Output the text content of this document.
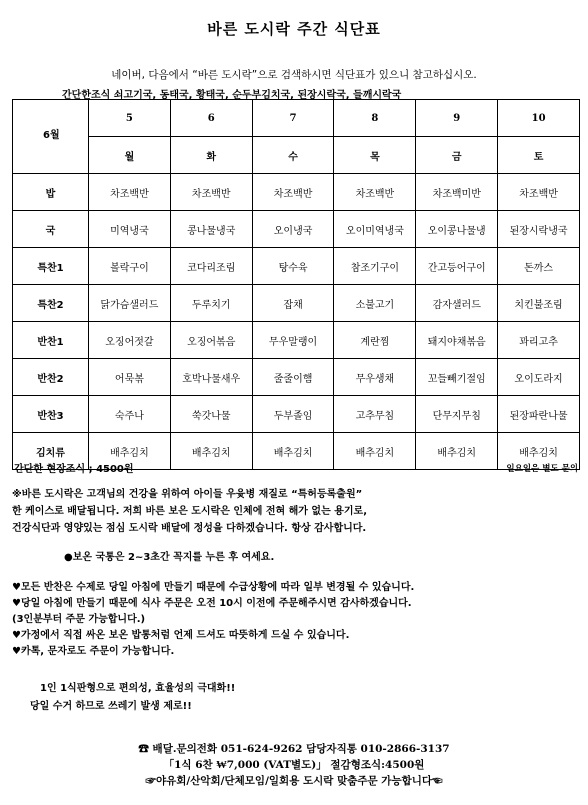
바른 도시락 주간 식단표
네이버, 다음에서 “바른 도시락”으로 검색하시면 식단표가 있으니 참고하십시오.
간단한조식 쇠고기국, 동태국, 황태국, 순두부김치국, 된장시락국, 들깨시락국
6월	5	6	7	8	9	10
	월	화	수	목	금	토
밥	차조백반	차조백반	차조백반	차조백반	차조백미반	차조백반
국	미역냉국	콩나물냉국	오이냉국	오이미역냉국	오이콩나물냉	된장시락냉국
특찬1	볼락구이	코다리조림	탕수육	참조기구이	간고등어구이	돈까스
특찬2	닭가슴샐러드	두루치기	잡채	소불고기	감자샐러드	치킨불조림
반찬1	오징어젓갈	오징어볶음	무우말랭이	계란찜	돼지야채볶음	꽈리고추
반찬2	어묵볶	호박나물새우	줄줄이햄	무우생채	꼬들빼기절임	오이도라지
반찬3	숙주나	쑥갓나물	두부졸임	고추무침	단무지무침	된장파란나물
김치류	배추김치	배추김치	배추김치	배추김치	배추김치	배추김치
간단한 현장조식 ; 4500원	일요일은 별도 문의
※바른 도시락은 고객님의 건강을 위하여 아이들 우윳병 재질로 “특허등록출원”
한 케이스로 배달됩니다. 저희 바른 보은 도시락은 인체에 전혀 해가 없는 용기로,
건강식단과 영양있는 점심 도시락 배달에 정성을 다하겠습니다. 항상 감사합니다.
●보온 국통은 2~3초간 꼭지를 누른 후 여세요.
♥모든 반찬은 수제로 당일 아침에 만들기 때문에 수급상황에 따라 일부 변경될 수 있습니다.
♥당일 아침에 만들기 때문에 식사 주문은 오전 10시 이전에 주문해주시면 감사하겠습니다.
(3인분부터 주문 가능합니다.)
♥가정에서 직접 싸온 보온 밥통처럼 언제 드셔도 따뜻하게 드실 수 있습니다.
♥카톡, 문자로도 주문이 가능합니다.
1인 1식판형으로 편의성, 효율성의 극대화!!
당일 수거 하므로 쓰레기 발생 제로!!
☎ 배달.문의전화 051-624-9262 담당자직통 010-2866-3137
「1식 6찬 ₩7,000 (VAT별도)」 절감형조식:4500원
☞야유회/산악회/단체모임/일회용 도시락 맞춤주문 가능합니다☜
